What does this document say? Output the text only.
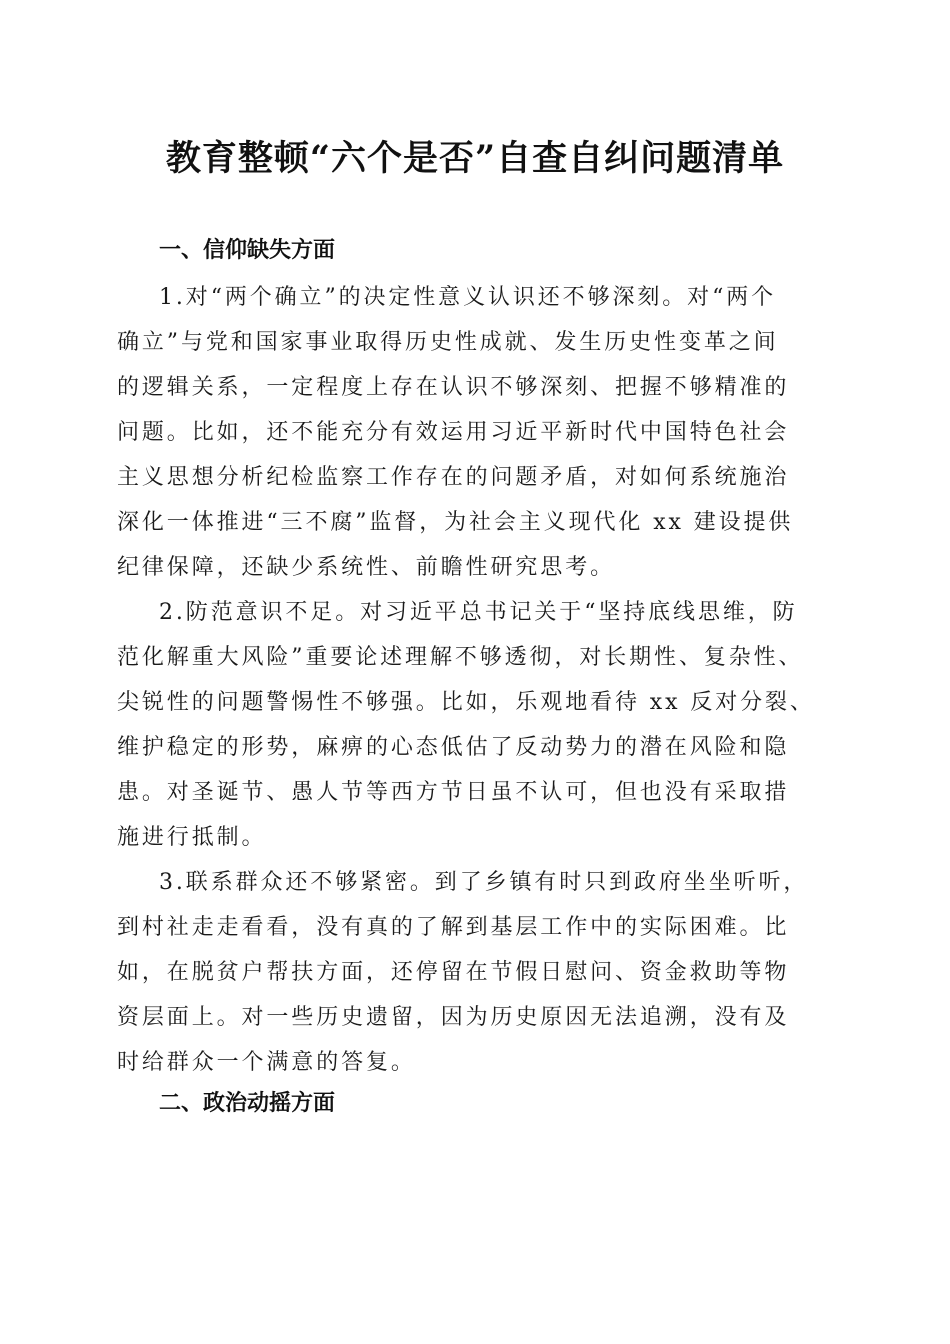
教育整顿“六个是否”自查自纠问题清单
一、信仰缺失方面
1.对“两个确立”的决定性意义认识还不够深刻。对“两个
确立”与党和国家事业取得历史性成就、发生历史性变革之间
的逻辑关系，一定程度上存在认识不够深刻、把握不够精准的
问题。比如，还不能充分有效运用习近平新时代中国特色社会
主义思想分析纪检监察工作存在的问题矛盾，对如何系统施治
深化一体推进“三不腐”监督，为社会主义现代化 xx 建设提供
纪律保障，还缺少系统性、前瞻性研究思考。
2.防范意识不足。对习近平总书记关于“坚持底线思维，防
范化解重大风险”重要论述理解不够透彻，对长期性、复杂性、
尖锐性的问题警惕性不够强。比如，乐观地看待 xx 反对分裂、
维护稳定的形势，麻痹的心态低估了反动势力的潜在风险和隐
患。对圣诞节、愚人节等西方节日虽不认可，但也没有采取措
施进行抵制。
3.联系群众还不够紧密。到了乡镇有时只到政府坐坐听听，
到村社走走看看，没有真的了解到基层工作中的实际困难。比
如，在脱贫户帮扶方面，还停留在节假日慰问、资金救助等物
资层面上。对一些历史遗留，因为历史原因无法追溯，没有及
时给群众一个满意的答复。
二、政治动摇方面
